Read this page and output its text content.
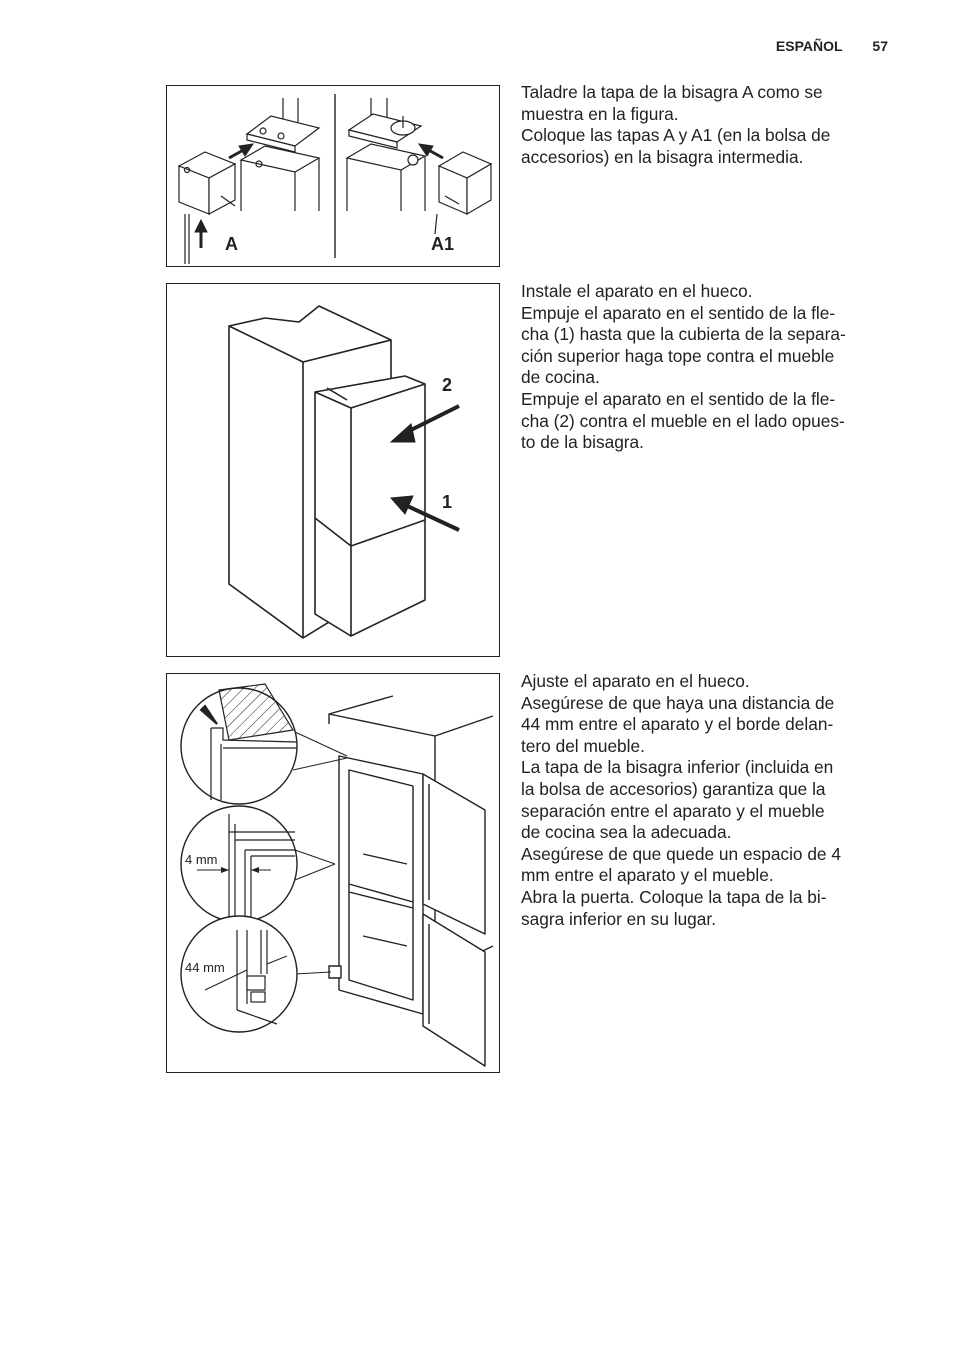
ESPAÑOL 57
A	A1

Taladre la tapa de la bisagra A como se

muestra en la figura.

Coloque las tapas A y A1 (en la bolsa de

accesorios) en la bisagra intermedia.

2
1

Instale el aparato en el hueco.

Empuje el aparato en el sentido de la fle-

cha (1) hasta que la cubierta de la separa-

ción superior haga tope contra el mueble

de cocina.

Empuje el aparato en el sentido de la fle-

cha (2) contra el mueble en el lado opues-

to de la bisagra.

4 mm
44 mm

Ajuste el aparato en el hueco.

Asegúrese de que haya una distancia de

44 mm entre el aparato y el borde delan-

tero del mueble.

La tapa de la bisagra inferior (incluida en

la bolsa de accesorios) garantiza que la

separación entre el aparato y el mueble

de cocina sea la adecuada.

Asegúrese de que quede un espacio de 4

mm entre el aparato y el mueble.

Abra la puerta. Coloque la tapa de la bi-

sagra inferior en su lugar.
